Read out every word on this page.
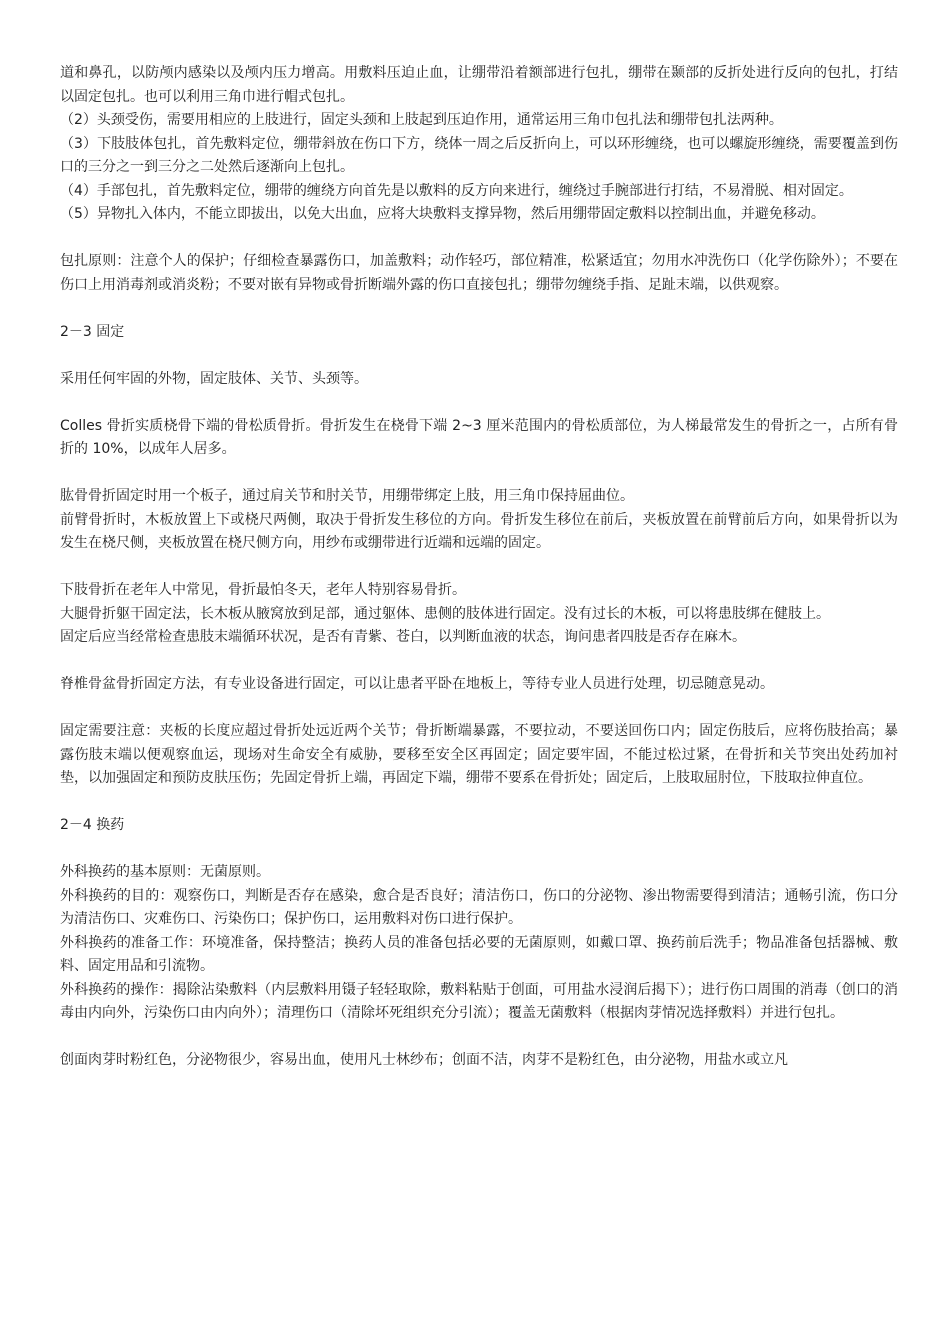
道和鼻孔，以防颅内感染以及颅内压力增高。用敷料压迫止血，让绷带沿着额部进行包扎，绷带在颞部的反折处进行反向的包扎，打结以固定包扎。也可以利用三角巾进行帽式包扎。

（2）头颈受伤，需要用相应的上肢进行，固定头颈和上肢起到压迫作用，通常运用三角巾包扎法和绷带包扎法两种。

（3）下肢肢体包扎，首先敷料定位，绷带斜放在伤口下方，绕体一周之后反折向上，可以环形缠绕，也可以螺旋形缠绕，需要覆盖到伤口的三分之一到三分之二处然后逐渐向上包扎。

（4）手部包扎，首先敷料定位，绷带的缠绕方向首先是以敷料的反方向来进行，缠绕过手腕部进行打结，不易滑脱、相对固定。

（5）异物扎入体内，不能立即拔出，以免大出血，应将大块敷料支撑异物，然后用绷带固定敷料以控制出血，并避免移动。

包扎原则：注意个人的保护；仔细检查暴露伤口，加盖敷料；动作轻巧，部位精准，松紧适宜；勿用水冲洗伤口（化学伤除外）；不要在伤口上用消毒剂或消炎粉；不要对嵌有异物或骨折断端外露的伤口直接包扎；绷带勿缠绕手指、足趾末端，以供观察。

2－3 固定

采用任何牢固的外物，固定肢体、关节、头颈等。

Colles 骨折实质桡骨下端的骨松质骨折。骨折发生在桡骨下端 2~3 厘米范围内的骨松质部位，为人梯最常发生的骨折之一，占所有骨折的 10%，以成年人居多。

肱骨骨折固定时用一个板子，通过肩关节和肘关节，用绷带绑定上肢，用三角巾保持屈曲位。

前臂骨折时，木板放置上下或桡尺两侧，取决于骨折发生移位的方向。骨折发生移位在前后，夹板放置在前臂前后方向，如果骨折以为发生在桡尺侧，夹板放置在桡尺侧方向，用纱布或绷带进行近端和远端的固定。

下肢骨折在老年人中常见，骨折最怕冬天，老年人特别容易骨折。

大腿骨折躯干固定法，长木板从腋窝放到足部，通过躯体、患侧的肢体进行固定。没有过长的木板，可以将患肢绑在健肢上。

固定后应当经常检查患肢末端循环状况，是否有青紫、苍白，以判断血液的状态，询问患者四肢是否存在麻木。

脊椎骨盆骨折固定方法，有专业设备进行固定，可以让患者平卧在地板上，等待专业人员进行处理，切忌随意晃动。

固定需要注意：夹板的长度应超过骨折处远近两个关节；骨折断端暴露，不要拉动，不要送回伤口内；固定伤肢后，应将伤肢抬高；暴露伤肢末端以便观察血运，现场对生命安全有威胁，要移至安全区再固定；固定要牢固，不能过松过紧，在骨折和关节突出处药加衬垫，以加强固定和预防皮肤压伤；先固定骨折上端，再固定下端，绷带不要系在骨折处；固定后，上肢取屈肘位，下肢取拉伸直位。

2－4 换药

外科换药的基本原则：无菌原则。

外科换药的目的：观察伤口，判断是否存在感染，愈合是否良好；清洁伤口，伤口的分泌物、渗出物需要得到清洁；通畅引流，伤口分为清洁伤口、灾难伤口、污染伤口；保护伤口，运用敷料对伤口进行保护。

外科换药的准备工作：环境准备，保持整洁；换药人员的准备包括必要的无菌原则，如戴口罩、换药前后洗手；物品准备包括器械、敷料、固定用品和引流物。

外科换药的操作：揭除沾染敷料（内层敷料用镊子轻轻取除，敷料粘贴于创面，可用盐水浸润后揭下）；进行伤口周围的消毒（创口的消毒由内向外，污染伤口由内向外）；清理伤口（清除坏死组织充分引流）；覆盖无菌敷料（根据肉芽情况选择敷料）并进行包扎。

创面肉芽时粉红色，分泌物很少，容易出血，使用凡士林纱布；创面不洁，肉芽不是粉红色，由分泌物，用盐水或立凡
